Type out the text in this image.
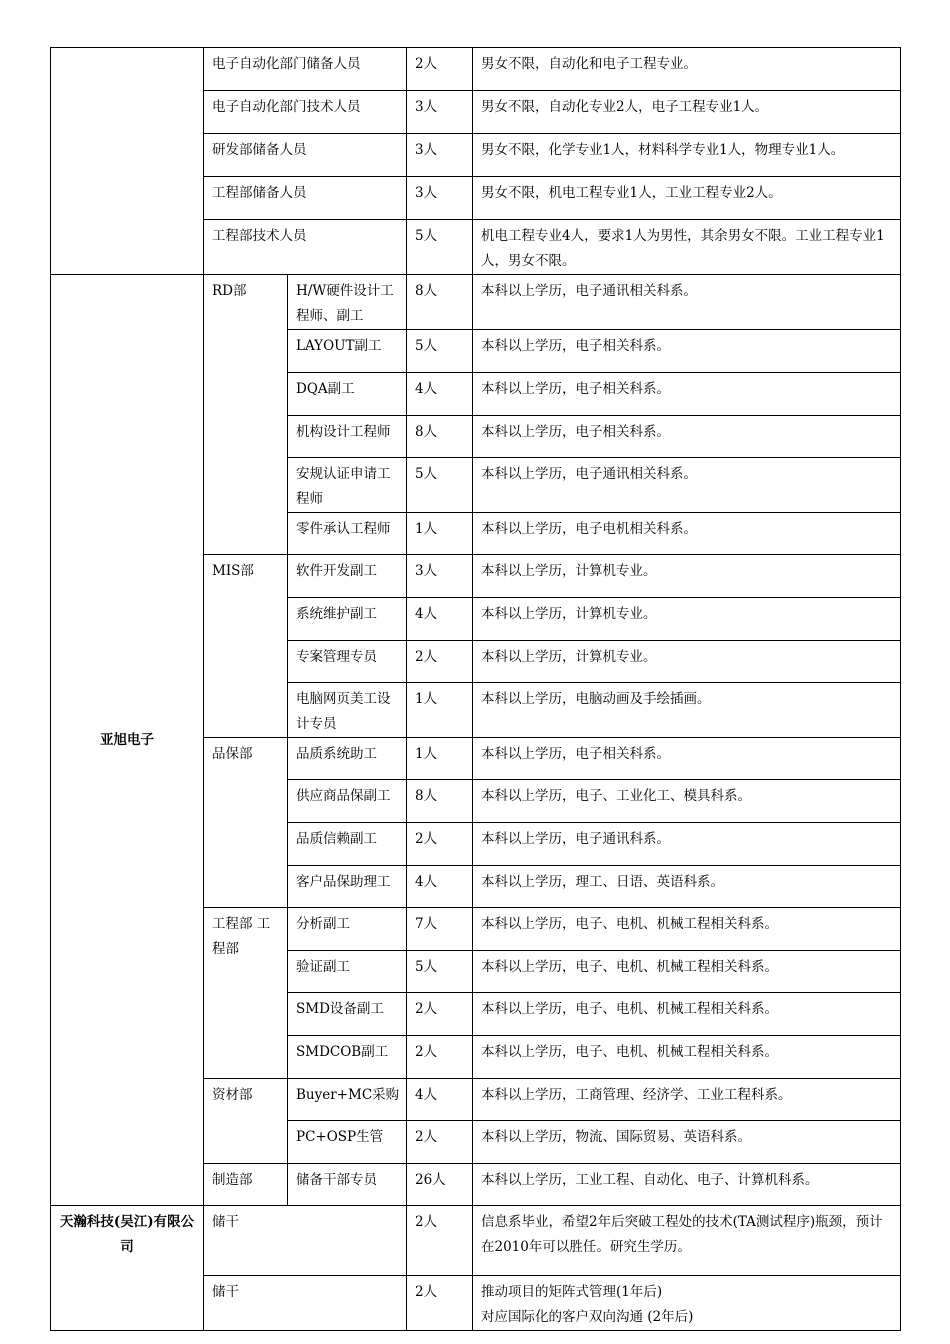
	电子自动化部门储备人员		2人	男女不限，自动化和电子工程专业。
	电子自动化部门技术人员		3人	男女不限，自动化专业2人，电子工程专业1人。
	研发部储备人员		3人	男女不限，化学专业1人，材料科学专业1人，物理专业1人。
	工程部储备人员		3人	男女不限，机电工程专业1人，工业工程专业2人。
	工程部技术人员		5人	机电工程专业4人，要求1人为男性，其余男女不限。工业工程专业1人，男女不限。
亚旭电子	RD部	H/W硬件设计工程师、副工	8人	本科以上学历，电子通讯相关科系。
		LAYOUT副工	5人	本科以上学历，电子相关科系。
		DQA副工	4人	本科以上学历，电子相关科系。
		机构设计工程师	8人	本科以上学历，电子相关科系。
		安规认证申请工程师	5人	本科以上学历，电子通讯相关科系。
		零件承认工程师	1人	本科以上学历，电子电机相关科系。
	MIS部	软件开发副工	3人	本科以上学历，计算机专业。
		系统维护副工	4人	本科以上学历，计算机专业。
		专案管理专员	2人	本科以上学历，计算机专业。
		电脑网页美工设计专员	1人	本科以上学历，电脑动画及手绘插画。
	品保部	品质系统助工	1人	本科以上学历，电子相关科系。
		供应商品保副工	8人	本科以上学历，电子、工业化工、模具科系。
		品质信赖副工	2人	本科以上学历，电子通讯科系。
		客户品保助理工	4人	本科以上学历，理工、日语、英语科系。
	工程部 工程部	分析副工	7人	本科以上学历，电子、电机、机械工程相关科系。
		验证副工	5人	本科以上学历，电子、电机、机械工程相关科系。
		SMD设备副工	2人	本科以上学历，电子、电机、机械工程相关科系。
		SMDCOB副工	2人	本科以上学历，电子、电机、机械工程相关科系。
	资材部	Buyer+MC采购	4人	本科以上学历，工商管理、经济学、工业工程科系。
		PC+OSP生管	2人	本科以上学历，物流、国际贸易、英语科系。
	制造部	储备干部专员	26人	本科以上学历，工业工程、自动化、电子、计算机科系。
天瀚科技(吴江)有限公司	储干		2人	信息系毕业，希望2年后突破工程处的技术(TA测试程序)瓶颈，预计在2010年可以胜任。研究生学历。
	储干		2人	推动项目的矩阵式管理(1年后)
对应国际化的客户双向沟通 (2年后)
